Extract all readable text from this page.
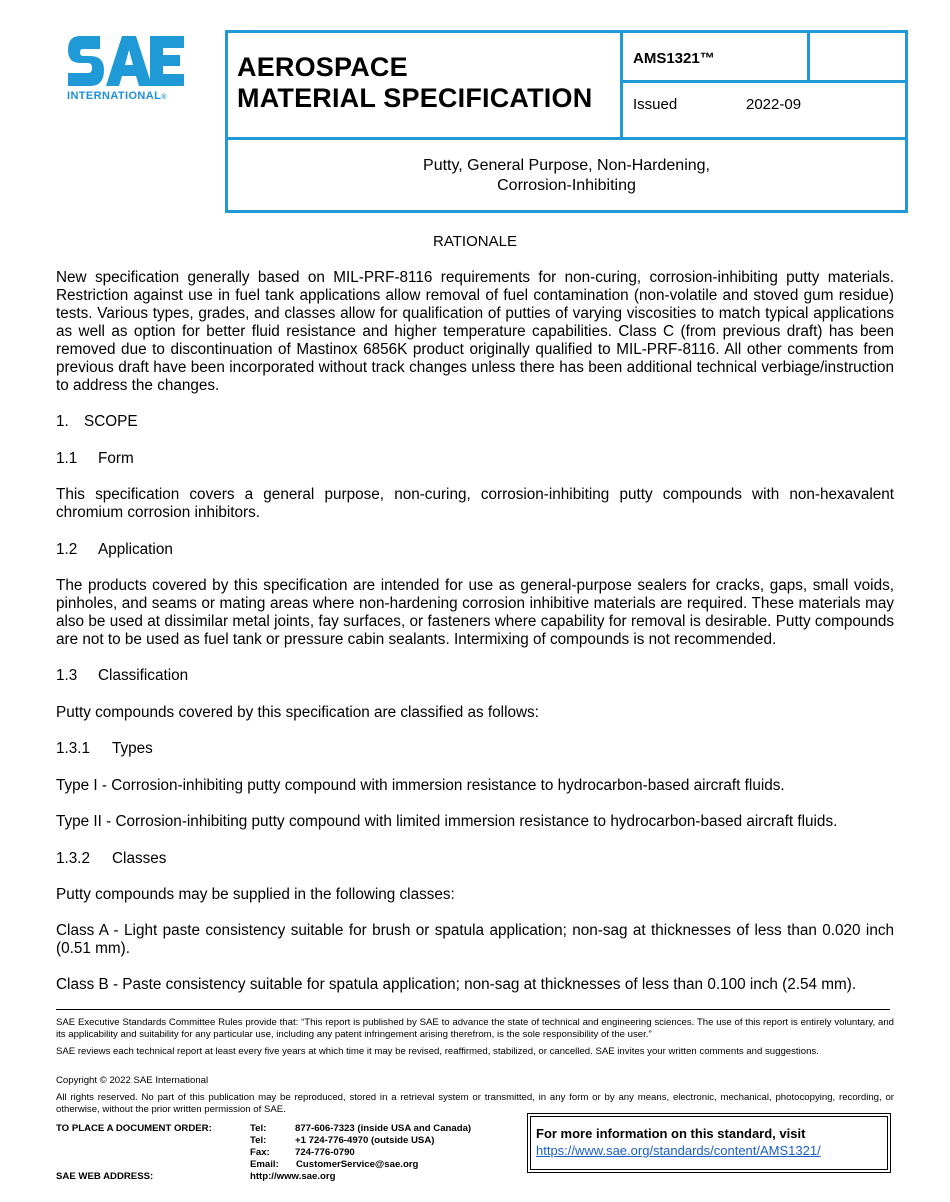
INTERNATIONAL®
AEROSPACE
MATERIAL SPECIFICATION
AMS1321™
Issued	2022-09
Putty, General Purpose, Non-Hardening,
Corrosion-Inhibiting
RATIONALE
New specification generally based on MIL-PRF-8116 requirements for non-curing, corrosion-inhibiting putty materials. Restriction against use in fuel tank applications allow removal of fuel contamination (non-volatile and stoved gum residue) tests. Various types, grades, and classes allow for qualification of putties of varying viscosities to match typical applications as well as option for better fluid resistance and higher temperature capabilities. Class C (from previous draft) has been removed due to discontinuation of Mastinox 6856K product originally qualified to MIL-PRF-8116. All other comments from previous draft have been incorporated without track changes unless there has been additional technical verbiage/instruction to address the changes.
1. SCOPE
1.1 Form
This specification covers a general purpose, non-curing, corrosion-inhibiting putty compounds with non-hexavalent chromium corrosion inhibitors.
1.2 Application
The products covered by this specification are intended for use as general-purpose sealers for cracks, gaps, small voids, pinholes, and seams or mating areas where non-hardening corrosion inhibitive materials are required. These materials may also be used at dissimilar metal joints, fay surfaces, or fasteners where capability for removal is desirable. Putty compounds are not to be used as fuel tank or pressure cabin sealants. Intermixing of compounds is not recommended.
1.3 Classification
Putty compounds covered by this specification are classified as follows:
1.3.1 Types
Type I - Corrosion-inhibiting putty compound with immersion resistance to hydrocarbon-based aircraft fluids.
Type II - Corrosion-inhibiting putty compound with limited immersion resistance to hydrocarbon-based aircraft fluids.
1.3.2 Classes
Putty compounds may be supplied in the following classes:
Class A - Light paste consistency suitable for brush or spatula application; non-sag at thicknesses of less than 0.020 inch (0.51 mm).
Class B - Paste consistency suitable for spatula application; non-sag at thicknesses of less than 0.100 inch (2.54 mm).
SAE Executive Standards Committee Rules provide that: “This report is published by SAE to advance the state of technical and engineering sciences. The use of this report is entirely voluntary, and its applicability and suitability for any particular use, including any patent infringement arising therefrom, is the sole responsibility of the user.”
SAE reviews each technical report at least every five years at which time it may be revised, reaffirmed, stabilized, or cancelled. SAE invites your written comments and suggestions.
Copyright © 2022 SAE International
All rights reserved. No part of this publication may be reproduced, stored in a retrieval system or transmitted, in any form or by any means, electronic, mechanical, photocopying, recording, or otherwise, without the prior written permission of SAE.
TO PLACE A DOCUMENT ORDER:	Tel:	877-606-7323 (inside USA and Canada)
Tel:	+1 724-776-4970 (outside USA)
Fax:	724-776-0790
Email: CustomerService@sae.org
SAE WEB ADDRESS:	http://www.sae.org
For more information on this standard, visit
https://www.sae.org/standards/content/AMS1321/
